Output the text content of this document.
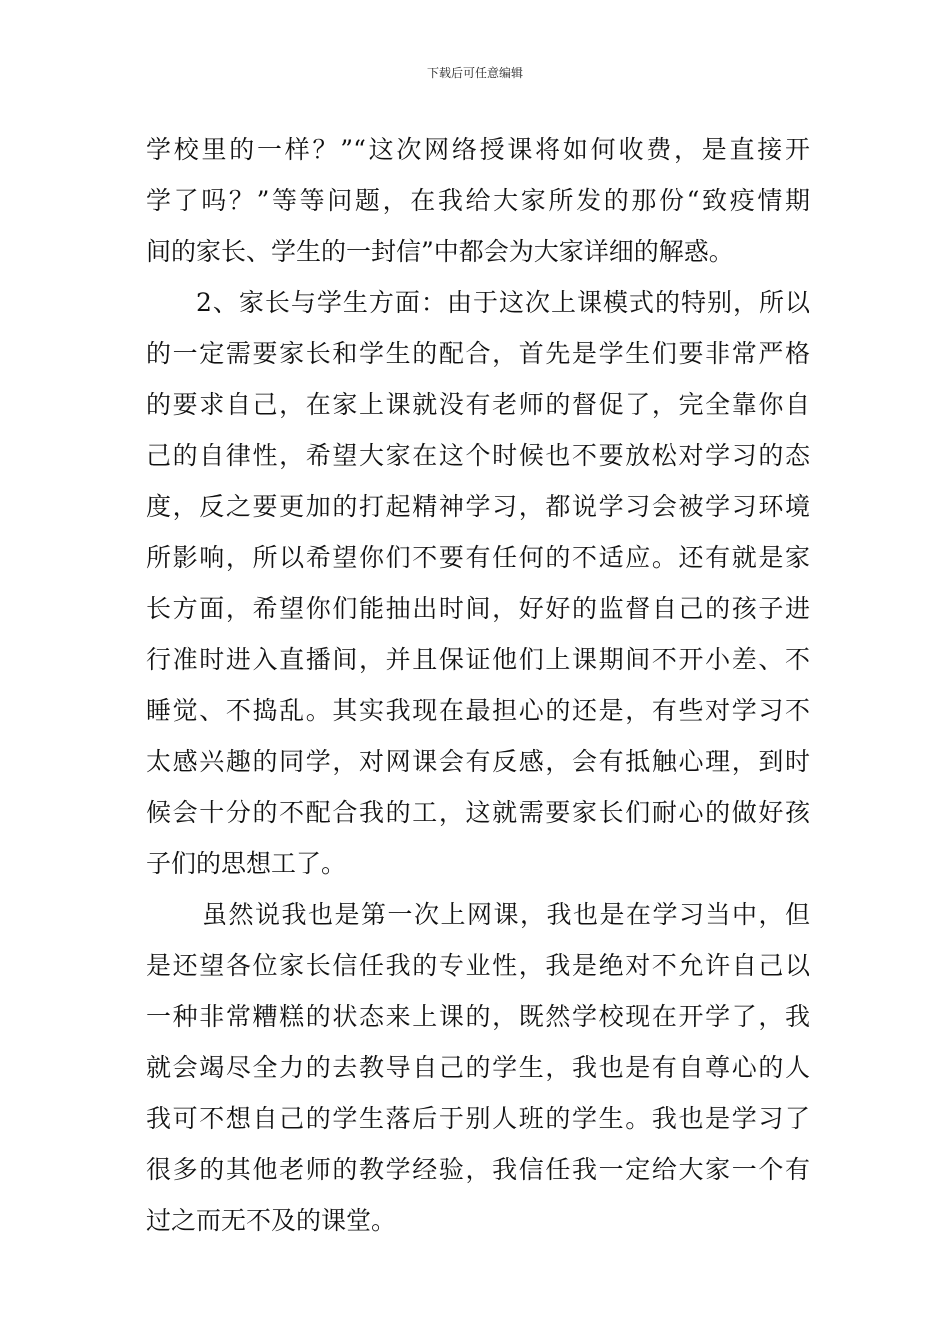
下载后可任意编辑
学校里的一样？”“这次网络授课将如何收费，是直接开
学了吗？”等等问题，在我给大家所发的那份“致疫情期
间的家长、学生的一封信”中都会为大家详细的解惑。
2、家长与学生方面：由于这次上课模式的特别，所以
的一定需要家长和学生的配合，首先是学生们要非常严格
的要求自己，在家上课就没有老师的督促了，完全靠你自
己的自律性，希望大家在这个时候也不要放松对学习的态
度，反之要更加的打起精神学习，都说学习会被学习环境
所影响，所以希望你们不要有任何的不适应。还有就是家
长方面，希望你们能抽出时间，好好的监督自己的孩子进
行准时进入直播间，并且保证他们上课期间不开小差、不
睡觉、不捣乱。其实我现在最担心的还是，有些对学习不
太感兴趣的同学，对网课会有反感，会有抵触心理，到时
候会十分的不配合我的工，这就需要家长们耐心的做好孩
子们的思想工了。
虽然说我也是第一次上网课，我也是在学习当中，但
是还望各位家长信任我的专业性，我是绝对不允许自己以
一种非常糟糕的状态来上课的，既然学校现在开学了，我
就会竭尽全力的去教导自己的学生，我也是有自尊心的人
我可不想自己的学生落后于别人班的学生。我也是学习了
很多的其他老师的教学经验，我信任我一定给大家一个有
过之而无不及的课堂。
